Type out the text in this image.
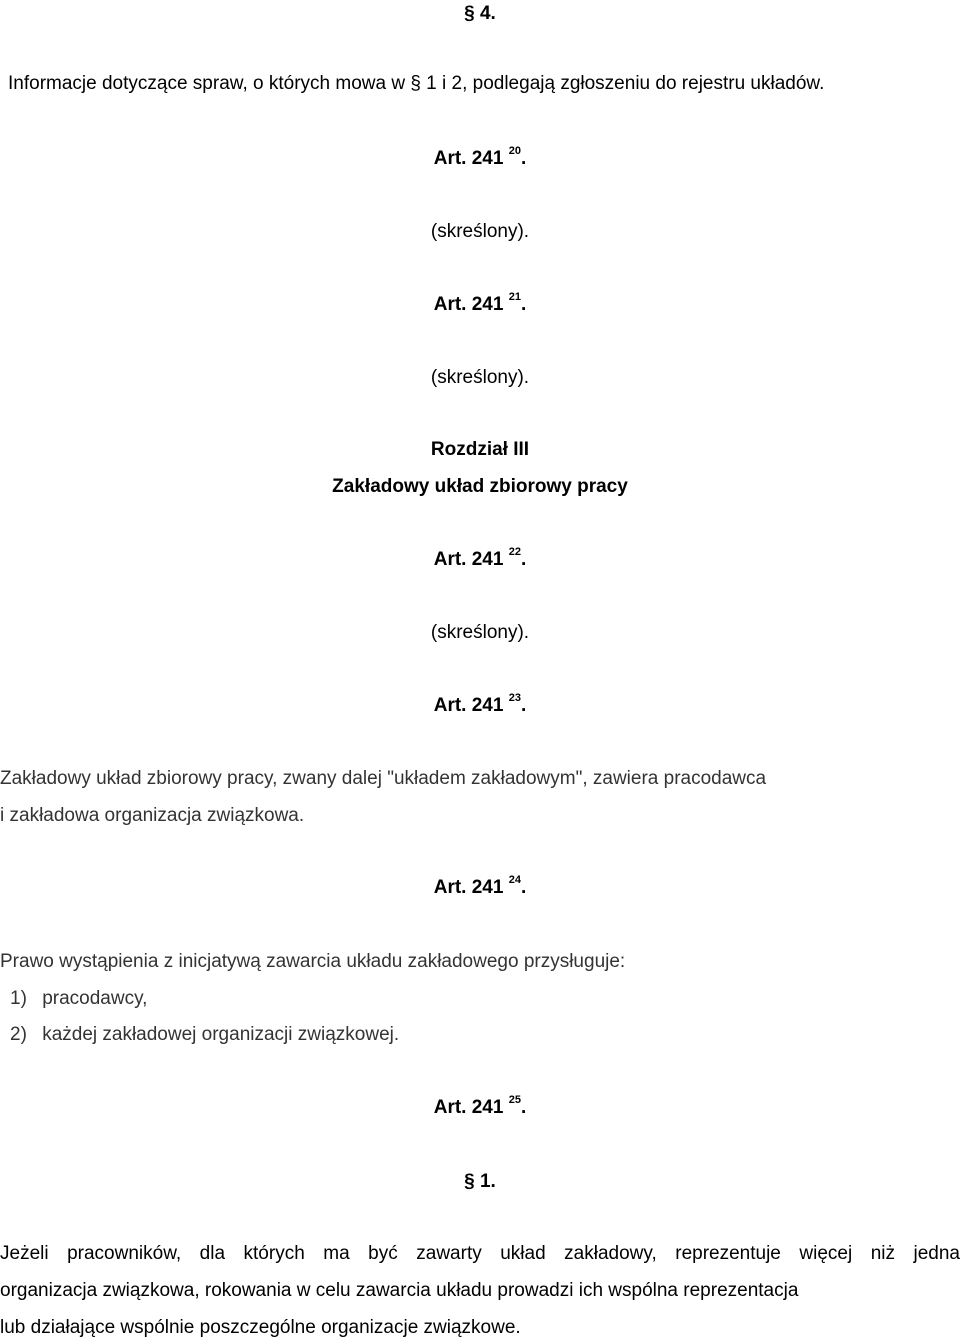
§ 4.
Informacje dotyczące spraw, o których mowa w § 1 i 2, podlegają zgłoszeniu do rejestru układów.
Art. 241 $^{20}$.
(skreślony).
Art. 241 $^{21}$.
(skreślony).
Rozdział III
Zakładowy układ zbiorowy pracy
Art. 241 $^{22}$.
(skreślony).
Art. 241 $^{23}$.
Zakładowy układ zbiorowy pracy, zwany dalej "układem zakładowym", zawiera pracodawca
i zakładowa organizacja związkowa.
Art. 241 $^{24}$.
Prawo wystąpienia z inicjatywą zawarcia układu zakładowego przysługuje:
1) pracodawcy,
2) każdej zakładowej organizacji związkowej.
Art. 241 $^{25}$.
§ 1.
Jeżeli pracowników, dla których ma być zawarty układ zakładowy, reprezentuje więcej niż jedna
organizacja związkowa, rokowania w celu zawarcia układu prowadzi ich wspólna reprezentacja
lub działające wspólnie poszczególne organizacje związkowe.
